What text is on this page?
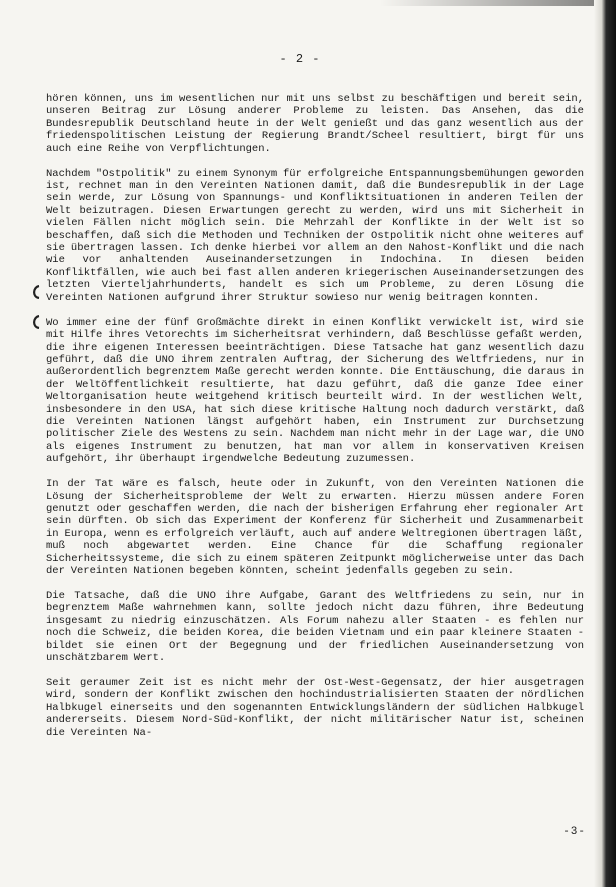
- 2 -

hören können, uns im wesentlichen nur mit uns selbst zu beschäftigen und bereit sein, unseren Beitrag zur Lösung anderer Probleme zu leisten. Das Ansehen, das die Bundesrepublik Deutschland heute in der Welt genießt und das ganz wesentlich aus der friedenspolitischen Leistung der Regierung Brandt/Scheel resultiert, birgt für uns auch eine Reihe von Verpflichtungen.

Nachdem "Ostpolitik" zu einem Synonym für erfolgreiche Entspannungsbemühungen geworden ist, rechnet man in den Vereinten Nationen damit, daß die Bundesrepublik in der Lage sein werde, zur Lösung von Spannungs- und Konfliktsituationen in anderen Teilen der Welt beizutragen. Diesen Erwartungen gerecht zu werden, wird uns mit Sicherheit in vielen Fällen nicht möglich sein. Die Mehrzahl der Konflikte in der Welt ist so beschaffen, daß sich die Methoden und Techniken der Ostpolitik nicht ohne weiteres auf sie übertragen lassen. Ich denke hierbei vor allem an den Nahost-Konflikt und die nach wie vor anhaltenden Auseinandersetzungen in Indochina. In diesen beiden Konfliktfällen, wie auch bei fast allen anderen kriegerischen Auseinandersetzungen des letzten Vierteljahrhunderts, handelt es sich um Probleme, zu deren Lösung die Vereinten Nationen aufgrund ihrer Struktur sowieso nur wenig beitragen konnten.

Wo immer eine der fünf Großmächte direkt in einen Konflikt verwickelt ist, wird sie mit Hilfe ihres Vetorechts im Sicherheitsrat verhindern, daß Beschlüsse gefaßt werden, die ihre eigenen Interessen beeinträchtigen. Diese Tatsache hat ganz wesentlich dazu geführt, daß die UNO ihrem zentralen Auftrag, der Sicherung des Weltfriedens, nur in außerordentlich begrenztem Maße gerecht werden konnte. Die Enttäuschung, die daraus in der Weltöffentlichkeit resultierte, hat dazu geführt, daß die ganze Idee einer Weltorganisation heute weitgehend kritisch beurteilt wird. In der westlichen Welt, insbesondere in den USA, hat sich diese kritische Haltung noch dadurch verstärkt, daß die Vereinten Nationen längst aufgehört haben, ein Instrument zur Durchsetzung politischer Ziele des Westens zu sein. Nachdem man nicht mehr in der Lage war, die UNO als eigenes Instrument zu benutzen, hat man vor allem in konservativen Kreisen aufgehört, ihr überhaupt irgendwelche Bedeutung zuzumessen.

In der Tat wäre es falsch, heute oder in Zukunft, von den Vereinten Nationen die Lösung der Sicherheitsprobleme der Welt zu erwarten. Hierzu müssen andere Foren genutzt oder geschaffen werden, die nach der bisherigen Erfahrung eher regionaler Art sein dürften. Ob sich das Experiment der Konferenz für Sicherheit und Zusammenarbeit in Europa, wenn es erfolgreich verläuft, auch auf andere Weltregionen übertragen läßt, muß noch abgewartet werden. Eine Chance für die Schaffung regionaler Sicherheitssysteme, die sich zu einem späteren Zeitpunkt möglicherweise unter das Dach der Vereinten Nationen begeben könnten, scheint jedenfalls gegeben zu sein.

Die Tatsache, daß die UNO ihre Aufgabe, Garant des Weltfriedens zu sein, nur in begrenztem Maße wahrnehmen kann, sollte jedoch nicht dazu führen, ihre Bedeutung insgesamt zu niedrig einzuschätzen. Als Forum nahezu aller Staaten - es fehlen nur noch die Schweiz, die beiden Korea, die beiden Vietnam und ein paar kleinere Staaten - bildet sie einen Ort der Begegnung und der friedlichen Auseinandersetzung von unschätzbarem Wert.

Seit geraumer Zeit ist es nicht mehr der Ost-West-Gegensatz, der hier ausgetragen wird, sondern der Konflikt zwischen den hochindustrialisierten Staaten der nördlichen Halbkugel einerseits und den sogenannten Entwicklungsländern der südlichen Halbkugel andererseits. Diesem Nord-Süd-Konflikt, der nicht militärischer Natur ist, scheinen die Vereinten Na-

-3-
